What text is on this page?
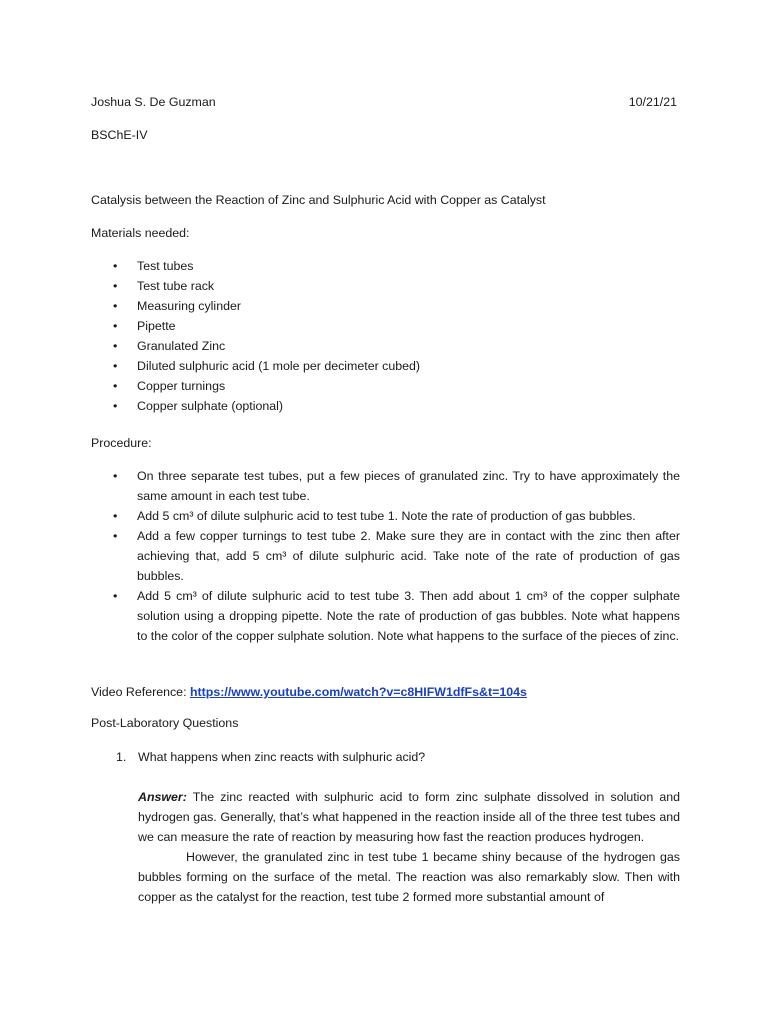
Joshua S. De Guzman	10/21/21
BSChE-IV
Catalysis between the Reaction of Zinc and Sulphuric Acid with Copper as Catalyst
Materials needed:
• Test tubes
• Test tube rack
• Measuring cylinder
• Pipette
• Granulated Zinc
• Diluted sulphuric acid (1 mole per decimeter cubed)
• Copper turnings
• Copper sulphate (optional)
Procedure:
• On three separate test tubes, put a few pieces of granulated zinc. Try to have approximately the same amount in each test tube.
• Add 5 cm³ of dilute sulphuric acid to test tube 1. Note the rate of production of gas bubbles.
• Add a few copper turnings to test tube 2. Make sure they are in contact with the zinc then after achieving that, add 5 cm³ of dilute sulphuric acid. Take note of the rate of production of gas bubbles.
• Add 5 cm³ of dilute sulphuric acid to test tube 3. Then add about 1 cm³ of the copper sulphate solution using a dropping pipette. Note the rate of production of gas bubbles. Note what happens to the color of the copper sulphate solution. Note what happens to the surface of the pieces of zinc.
Video Reference: https://www.youtube.com/watch?v=c8HIFW1dfFs&t=104s
Post-Laboratory Questions
1. What happens when zinc reacts with sulphuric acid?
Answer: The zinc reacted with sulphuric acid to form zinc sulphate dissolved in solution and hydrogen gas. Generally, that’s what happened in the reaction inside all of the three test tubes and we can measure the rate of reaction by measuring how fast the reaction produces hydrogen.
However, the granulated zinc in test tube 1 became shiny because of the hydrogen gas bubbles forming on the surface of the metal. The reaction was also remarkably slow. Then with copper as the catalyst for the reaction, test tube 2 formed more substantial amount of
